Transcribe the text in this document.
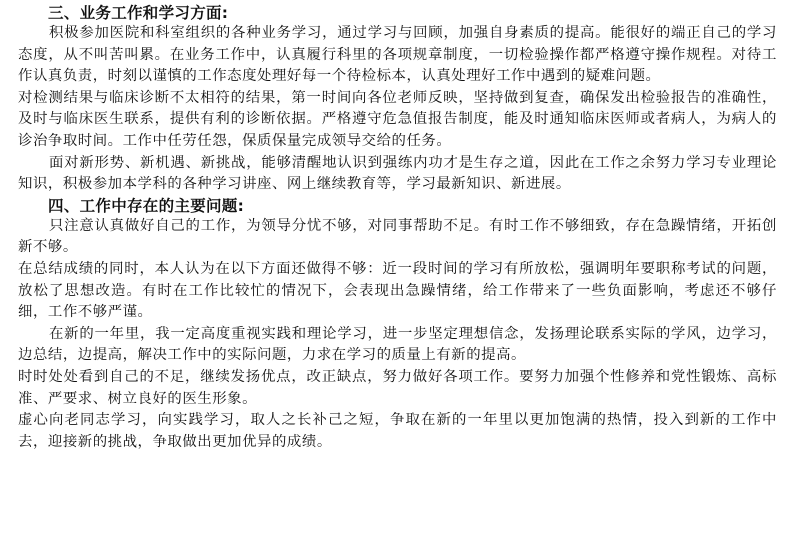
三、业务工作和学习方面:

积极参加医院和科室组织的各种业务学习，通过学习与回顾，加强自身素质的提高。能很好的端正自己的学习态度，从不叫苦叫累。在业务工作中，认真履行科里的各项规章制度，一切检验操作都严格遵守操作规程。对待工作认真负责，时刻以谨慎的工作态度处理好每一个待检标本，认真处理好工作中遇到的疑难问题。

对检测结果与临床诊断不太相符的结果，第一时间向各位老师反映，坚持做到复查，确保发出检验报告的准确性，及时与临床医生联系，提供有利的诊断依据。严格遵守危急值报告制度，能及时通知临床医师或者病人，为病人的诊治争取时间。工作中任劳任怨，保质保量完成领导交给的任务。

面对新形势、新机遇、新挑战，能够清醒地认识到强练内功才是生存之道，因此在工作之余努力学习专业理论知识，积极参加本学科的各种学习讲座、网上继续教育等，学习最新知识、新进展。

四、工作中存在的主要问题:

只注意认真做好自己的工作，为领导分忧不够，对同事帮助不足。有时工作不够细致，存在急躁情绪，开拓创新不够。

在总结成绩的同时，本人认为在以下方面还做得不够：近一段时间的学习有所放松，强调明年要职称考试的问题，放松了思想改造。有时在工作比较忙的情况下，会表现出急躁情绪，给工作带来了一些负面影响，考虑还不够仔细，工作不够严谨。

在新的一年里，我一定高度重视实践和理论学习，进一步坚定理想信念，发扬理论联系实际的学风，边学习，边总结，边提高，解决工作中的实际问题，力求在学习的质量上有新的提高。

时时处处看到自己的不足，继续发扬优点，改正缺点，努力做好各项工作。要努力加强个性修养和党性锻炼、高标准、严要求、树立良好的医生形象。

虚心向老同志学习，向实践学习，取人之长补己之短，争取在新的一年里以更加饱满的热情，投入到新的工作中去，迎接新的挑战，争取做出更加优异的成绩。
